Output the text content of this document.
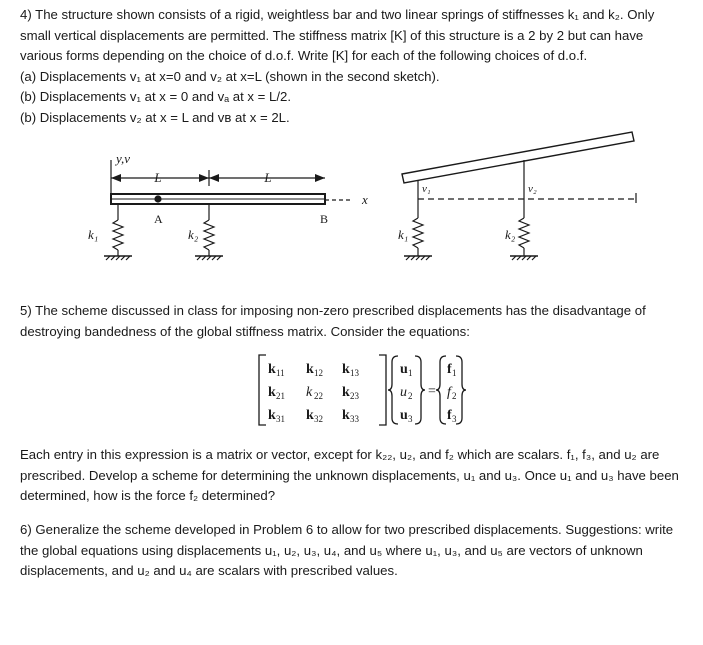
4) The structure shown consists of a rigid, weightless bar and two linear springs of stiffnesses k₁ and k₂. Only

small vertical displacements are permitted. The stiffness matrix [K] of this structure is a 2 by 2 but can have

various forms depending on the choice of d.o.f. Write [K] for each of the following choices of d.o.f.

(a) Displacements v₁ at x=0 and v₂ at x=L (shown in the second sketch).

(b) Displacements v₁ at x = 0 and vₐ at x = L/2.

(b) Displacements v₂ at x = L and vʙ at x = 2L.

y,v
L	L
x
A	B
k₁	k₂
v₁	v₂
k₁	k₂
k 11 k 12 k 13
k 21 k 22 k 23
k 31 k 32 k 33
u 1
u 2
u 3
=
f 1
f 2
f 3

5) The scheme discussed in class for imposing non-zero prescribed displacements has the disadvantage of

destroying bandedness of the global stiffness matrix. Consider the equations:

Each entry in this expression is a matrix or vector, except for k₂₂, u₂, and f₂ which are scalars. f₁, f₃, and u₂ are

prescribed. Develop a scheme for determining the unknown displacements, u₁ and u₃. Once u₁ and u₃ have been

determined, how is the force f₂ determined?

6) Generalize the scheme developed in Problem 6 to allow for two prescribed displacements. Suggestions: write

the global equations using displacements u₁, u₂, u₃, u₄, and u₅ where u₁, u₃, and u₅ are vectors of unknown

displacements, and u₂ and u₄ are scalars with prescribed values.
